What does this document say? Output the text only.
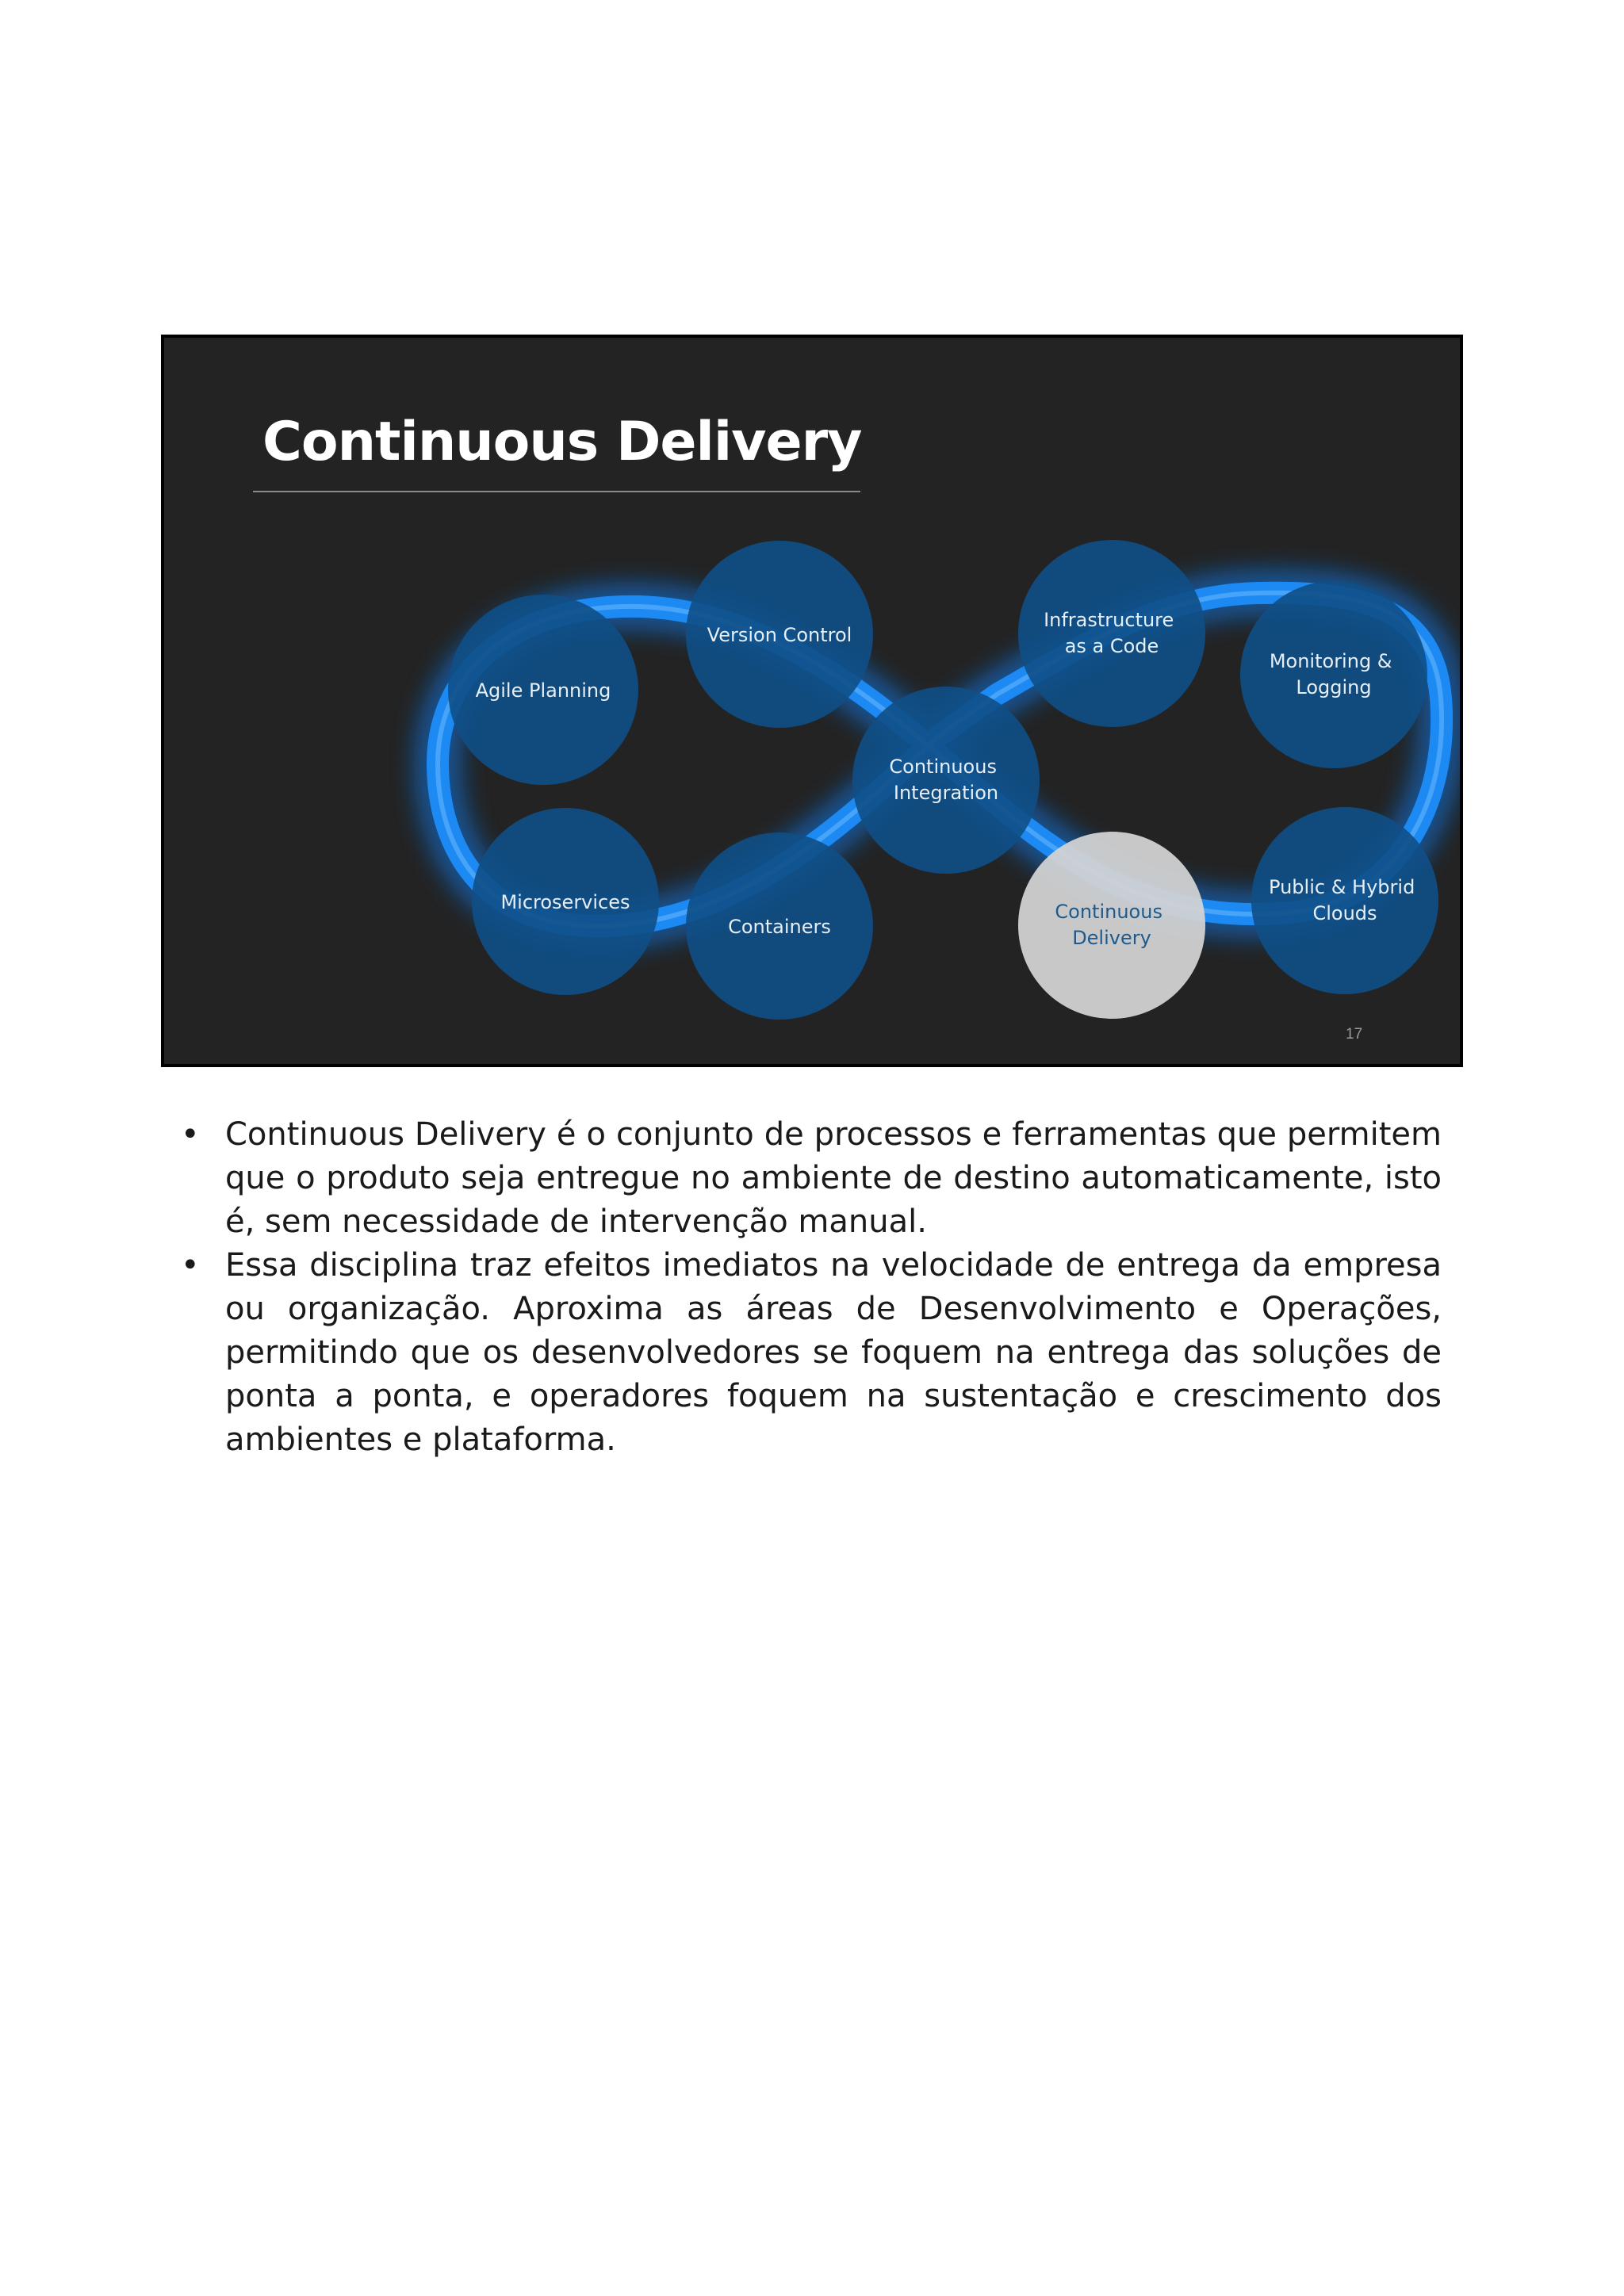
Continuous Delivery
Agile Planning
Version Control
Continuous Integration
Infrastructure as a Code
Monitoring & Logging
Microservices
Containers
Continuous Delivery
Public & Hybrid Clouds
17
• Continuous Delivery é o conjunto de processos e ferramentas que permitem que o produto seja entregue no ambiente de destino automaticamente, isto é, sem necessidade de intervenção manual.
• Essa disciplina traz efeitos imediatos na velocidade de entrega da empresa ou organização. Aproxima as áreas de Desenvolvimento e Operações, permitindo que os desenvolvedores se foquem na entrega das soluções de ponta a ponta, e operadores foquem na sustentação e crescimento dos ambientes e plataforma.
